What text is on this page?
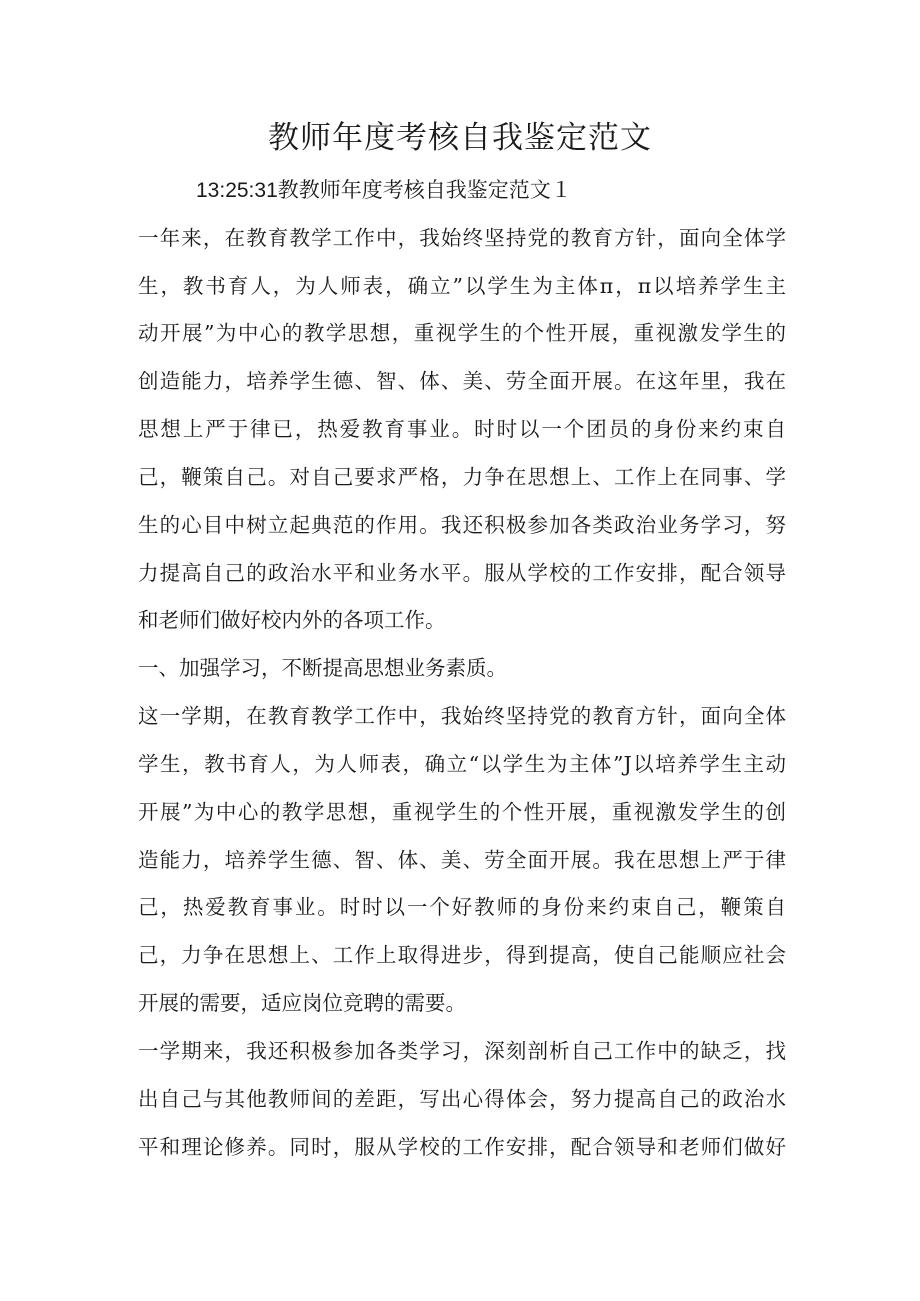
教师年度考核自我鉴定范文
13:25:31教教师年度考核自我鉴定范文１
一年来，在教育教学工作中，我始终坚持党的教育方针，面向全体学
生，教书育人，为人师表，确立”以学生为主体π，π以培养学生主
动开展”为中心的教学思想，重视学生的个性开展，重视激发学生的
创造能力，培养学生德、智、体、美、劳全面开展。在这年里，我在
思想上严于律已，热爱教育事业。时时以一个团员的身份来约束自
己，鞭策自己。对自己要求严格，力争在思想上、工作上在同事、学
生的心目中树立起典范的作用。我还积极参加各类政治业务学习，努
力提高自己的政治水平和业务水平。服从学校的工作安排，配合领导
和老师们做好校内外的各项工作。
一、加强学习，不断提高思想业务素质。
这一学期，在教育教学工作中，我始终坚持党的教育方针，面向全体
学生，教书育人，为人师表，确立“以学生为主体”J以培养学生主动
开展”为中心的教学思想，重视学生的个性开展，重视激发学生的创
造能力，培养学生德、智、体、美、劳全面开展。我在思想上严于律
己，热爱教育事业。时时以一个好教师的身份来约束自己，鞭策自
己，力争在思想上、工作上取得进步，得到提高，使自己能顺应社会
开展的需要，适应岗位竞聘的需要。
一学期来，我还积极参加各类学习，深刻剖析自己工作中的缺乏，找
出自己与其他教师间的差距，写出心得体会，努力提高自己的政治水
平和理论修养。同时，服从学校的工作安排，配合领导和老师们做好
